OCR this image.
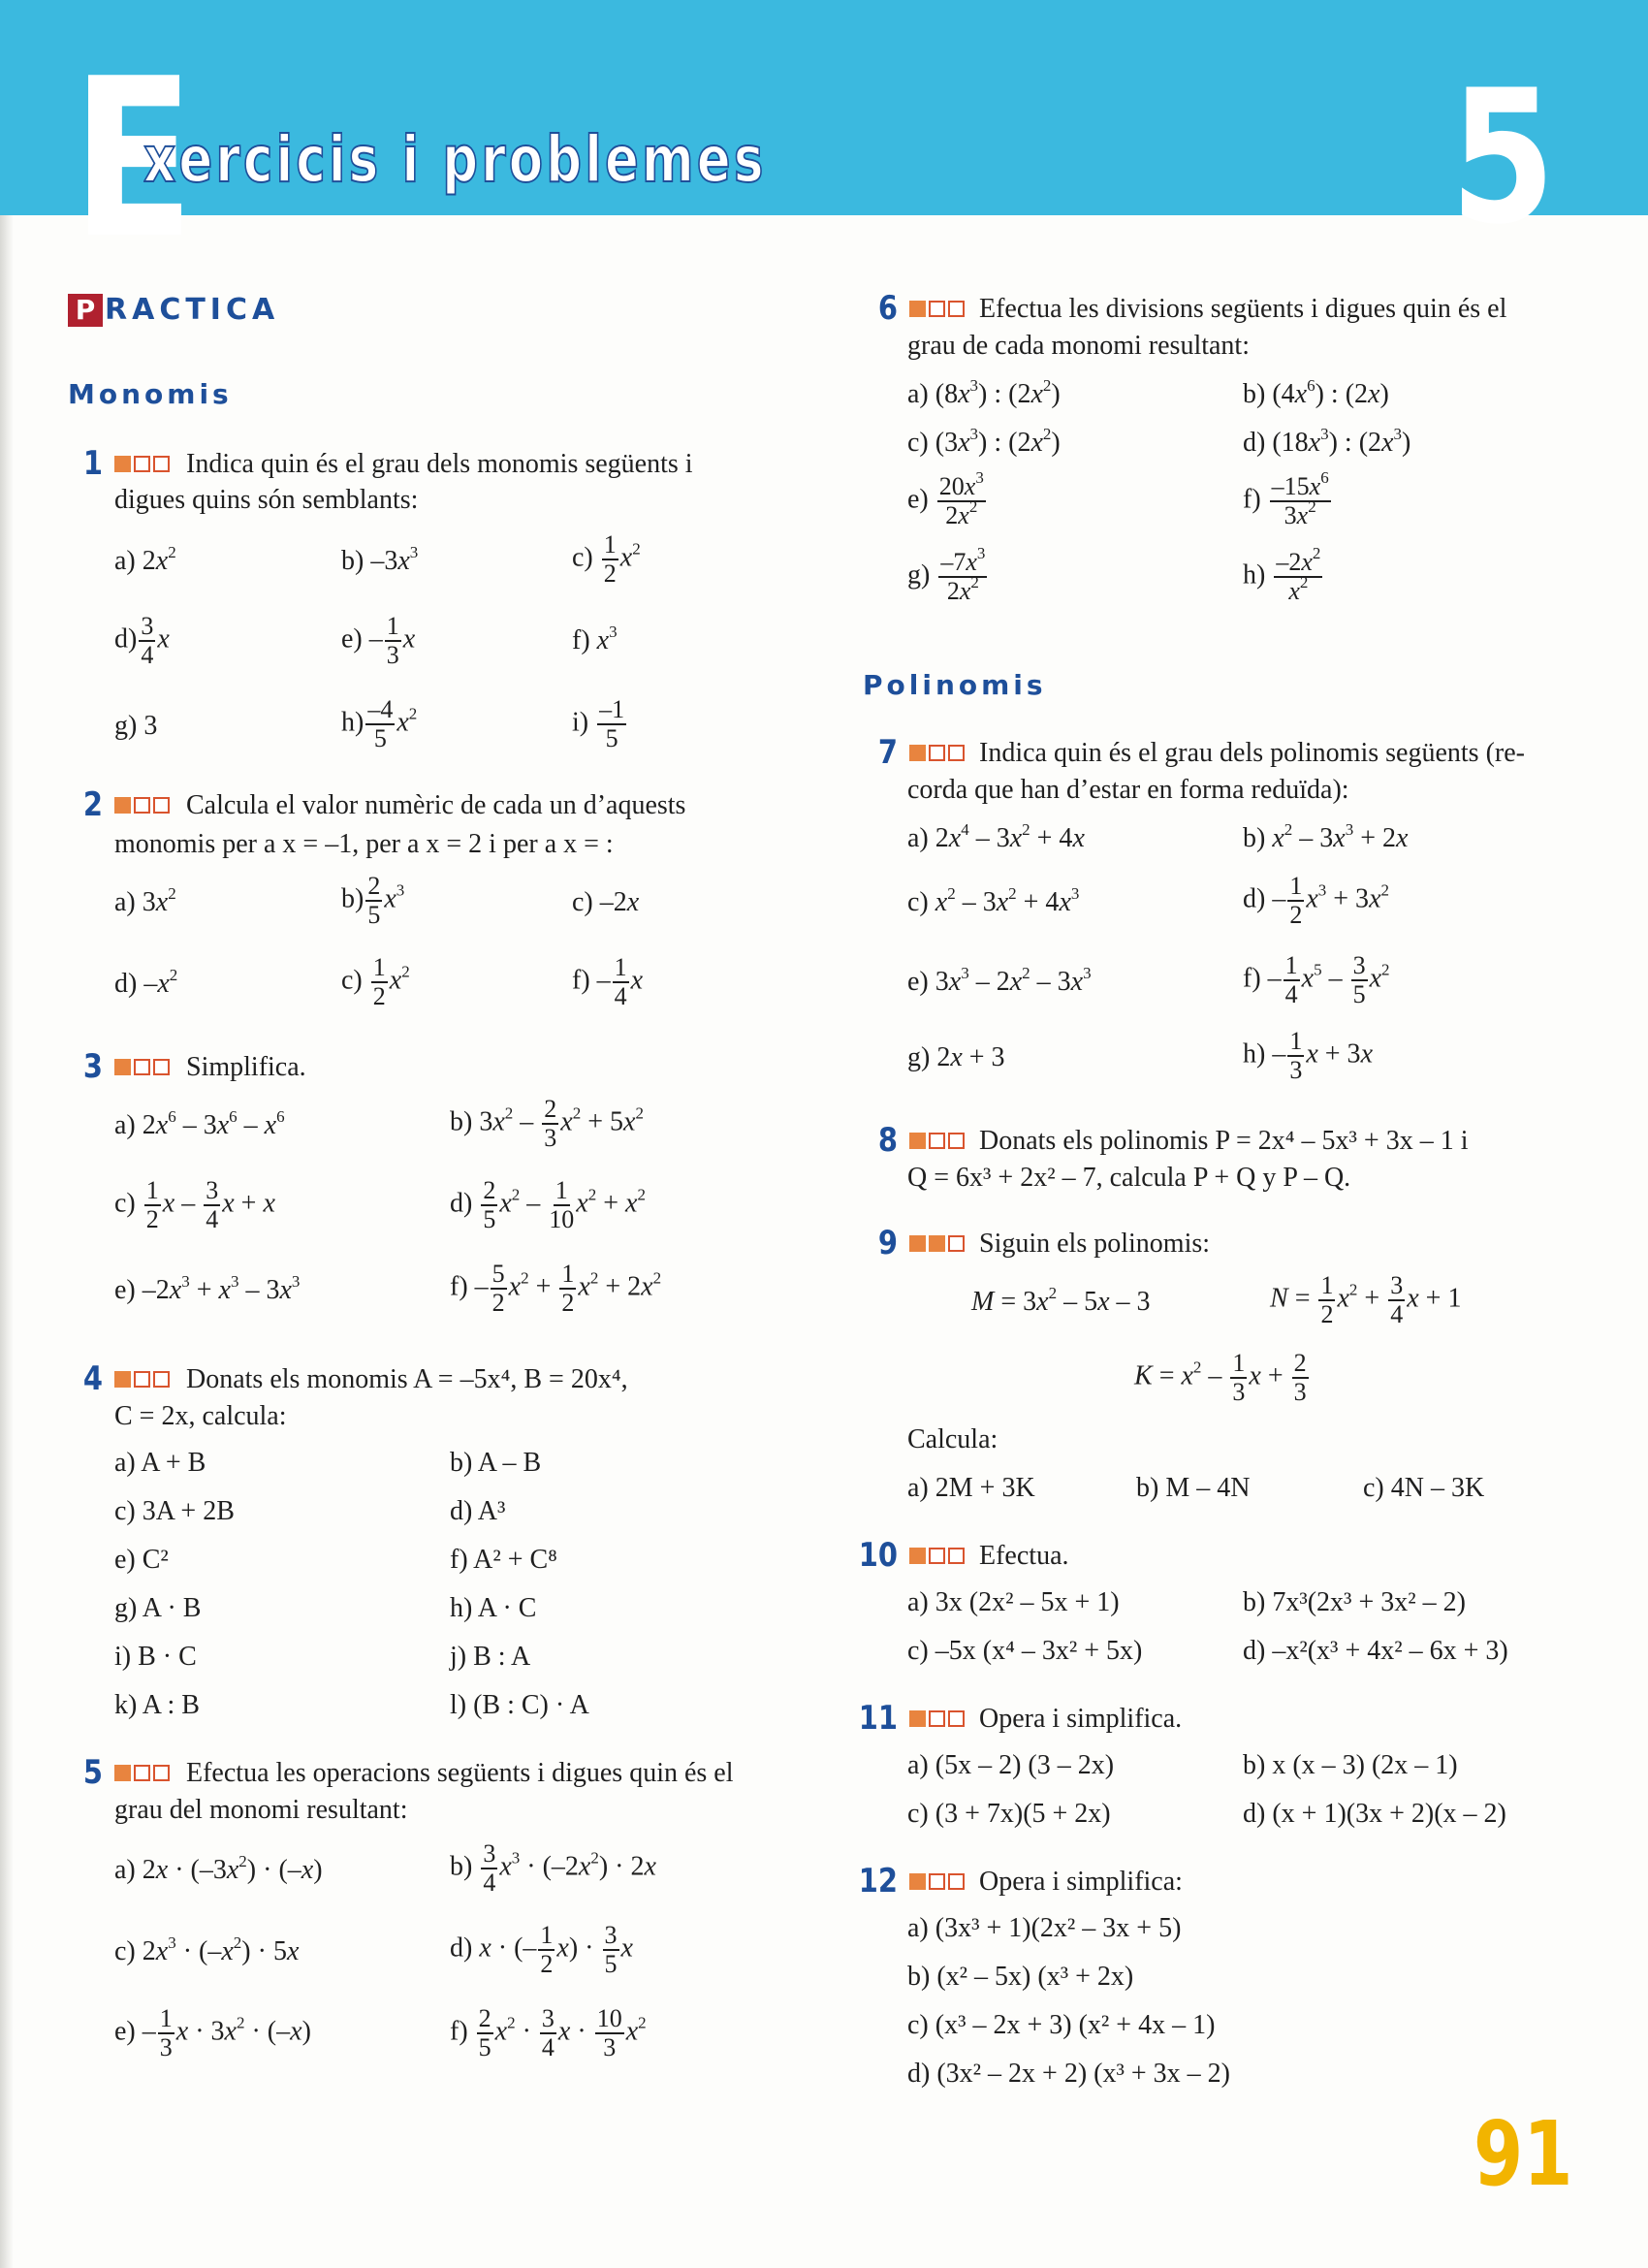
E
xercicis i problemes	5
P RACTICA
Monomis
1	Indica quin és el grau dels monomis següents i
digues quins són semblants:
a) $2x^2$	b) $-3x^3$	$c) \frac{1}{2} x^2$
$d) \frac{3}{4}$ x	$e) - \frac{1}{3}$ x	f) $x^3$
g) 3	$h) \frac{-4}{5} x^2$	$i) \frac{-1}{5}$
2	Calcula el valor numèric de cada un d’aquests
monomis per a x = –1, per a x = 2 i per a x = :
a) $3x^2$	$b) \frac{2}{5} x^3$	c) –2x
d) $-x^2$	$c) \frac{1}{2} x^2$	$f) - \frac{1}{4}$ x
3	Simplifica.
a) $2x^6 - 3x^6 - x^6$	b) $3x^2 - \frac{2}{3} x^2 + 5x^2$
$c) \frac{1}{2}$ x – $\frac{3}{4}$ x + x	$d) \frac{2}{5} x^2 - \frac{1}{10} x^2 + x^2$
e) $-2x^3 + x^3 - 3x^3$	$f) - \frac{5}{2} x^2 + \frac{1}{2} x^2 + 2x^2$
4	Donats els monomis A = –5x⁴, B = 20x⁴,
C = 2x, calcula:
a) A + B	b) A – B
c) 3A + 2B	d) A³
e) C²	f) A² + C⁸
g) A · B	h) A · C
i) B · C	j) B : A
k) A : B	l) (B : C) · A
5	Efectua les operacions següents i digues quin és el
grau del monomi resultant:
a) $2x \cdot (-3x^2) \cdot (-x)$	$b) \frac{3}{4} x^3 \cdot (-2x^2) \cdot 2x$
c) $2x^3 \cdot (-x^2) \cdot 5x$	d) x · (– $\frac{1}{2} x) \cdot \frac{3}{5}$ x
$e) - \frac{1}{3}$ $x \cdot 3x^2 \cdot (-x)$	$f) \frac{2}{5} x^2 \cdot \frac{3}{4}$ $x \cdot \frac{10}{3} x^2$
6	Efectua les divisions següents i digues quin és el
grau de cada monomi resultant:
a) $(8x^3)$ : $(2x^2)$	b) $(4x^6)$ : (2x)
c) $(3x^3)$ : $(2x^2)$	d) $(18x^3)$ : $(2x^3)$
$e) \frac{20x^3}{2x^2}$	$f) \frac{-15x^6}{3x^2}$
$g) \frac{-7x^3}{2x^2}$	$h) \frac{-2x^2}{x^2}$
Polinomis
7	Indica quin és el grau dels polinomis següents (re-
corda que han d’estar en forma reduïda):
a) $2x^4 - 3x^2 + 4x$	b) $x^2 - 3x^3 + 2x$
c) $x^2 - 3x^2 + 4x^3$	$d) - \frac{1}{2} x^3 + 3x^2$
e) $3x^3 - 2x^2 - 3x^3$	$f) - \frac{1}{4} x^5 - \frac{3}{5} x^2$
g) 2x + 3	$h) - \frac{1}{3}$ x + 3x
8	Donats els polinomis P = 2x⁴ – 5x³ + 3x – 1 i
Q = 6x³ + 2x² – 7, calcula P + Q y P – Q.
9	Siguin els polinomis:
$M = 3x^2 - 5x - 3$	$N = \frac{1}{2} x^2 + \frac{3}{4}$ x + 1
$K = x^2 - \frac{1}{3}$ $x + \frac{2}{3}$
Calcula:
a) 2M + 3K	b) M – 4N	c) 4N – 3K
10	Efectua.
a) 3x (2x² – 5x + 1)	b) 7x³(2x³ + 3x² – 2)
c) –5x (x⁴ – 3x² + 5x)	d) –x²(x³ + 4x² – 6x + 3)
11	Opera i simplifica.
a) (5x – 2) (3 – 2x)	b) x (x – 3) (2x – 1)
c) (3 + 7x)(5 + 2x)	d) (x + 1)(3x + 2)(x – 2)
12	Opera i simplifica:
a) (3x³ + 1)(2x² – 3x + 5)
b) (x² – 5x) (x³ + 2x)
c) (x³ – 2x + 3) (x² + 4x – 1)
d) (3x² – 2x + 2) (x³ + 3x – 2)
91
